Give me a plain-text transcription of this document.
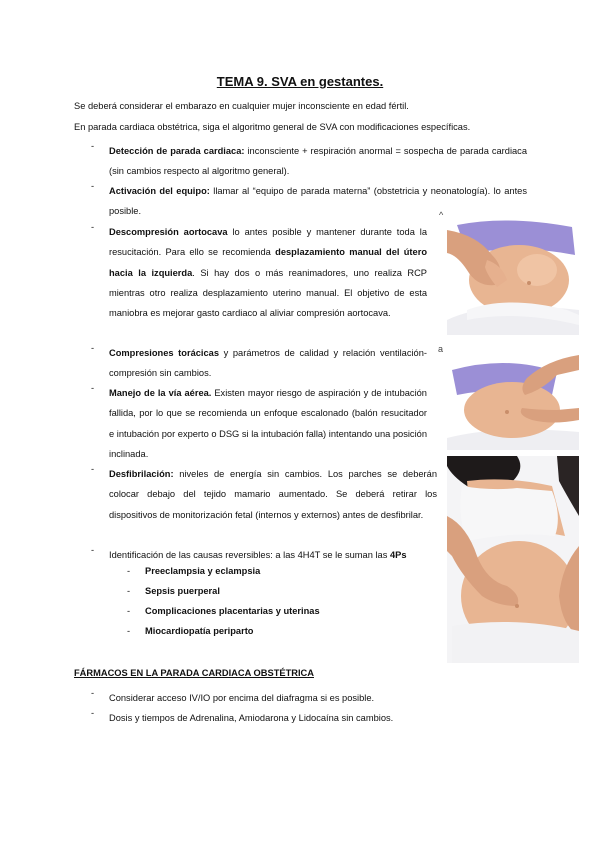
TEMA 9. SVA en gestantes.
Se deberá considerar el embarazo en cualquier mujer inconsciente en edad fértil.
En parada cardiaca obstétrica, siga el algoritmo general de SVA con modificaciones específicas.
- Detección de parada cardiaca: inconsciente + respiración anormal = sospecha de parada cardiaca (sin cambios respecto al algoritmo general).
- Activación del equipo: llamar al “equipo de parada materna” (obstetricia y neonatología). lo antes posible.
- Descompresión aortocava lo antes posible y mantener durante toda la resucitación. Para ello se recomienda desplazamiento manual del útero hacia la izquierda. Si hay dos o más reanimadores, uno realiza RCP mientras otro realiza desplazamiento uterino manual. El objetivo de esta maniobra es mejorar gasto cardiaco al aliviar compresión aortocava.
- Compresiones torácicas y parámetros de calidad y relación ventilación-compresión sin cambios.
- Manejo de la vía aérea. Existen mayor riesgo de aspiración y de intubación fallida, por lo que se recomienda un enfoque escalonado (balón resucitador e intubación por experto o DSG si la intubación falla) intentando una posición inclinada.
- Desfibrilación: niveles de energía sin cambios. Los parches se deberán colocar debajo del tejido mamario aumentado. Se deberá retirar los dispositivos de monitorización fetal (internos y externos) antes de desfibrilar.
- Identificación de las causas reversibles: a las 4H4T se le suman las 4Ps
- Preeclampsia y eclampsia
- Sepsis puerperal
- Complicaciones placentarias y uterinas
- Miocardiopatía periparto
FÁRMACOS EN LA PARADA CARDIACA OBSTÉTRICA
- Considerar acceso IV/IO por encima del diafragma si es posible.
- Dosis y tiempos de Adrenalina, Amiodarona y Lidocaína sin cambios.
^
a
